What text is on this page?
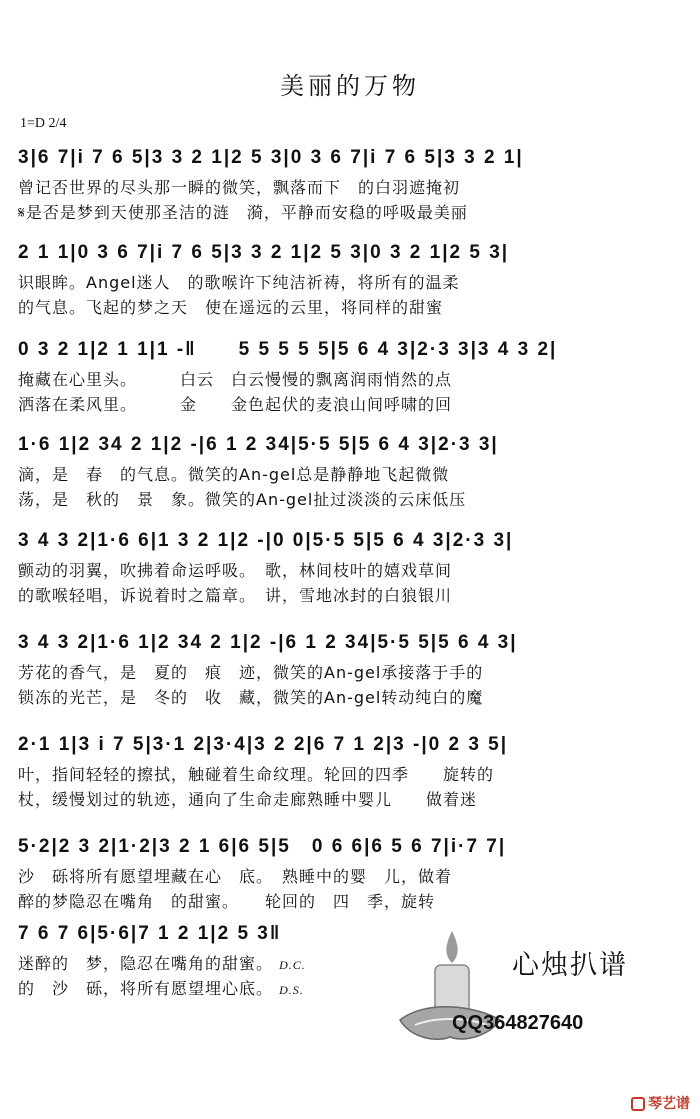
美丽的万物
1=D 2/4
3|6 7|i 7 6 5|3 3 2 1|2 5 3|0 3 6 7|i 7 6 5|3 3 2 1|
曾记否世界的尽头那一瞬的微笑，飘落而下　的白羽遮掩初
𝄋是否是梦到天使那圣洁的涟　漪，平静而安稳的呼吸最美丽
2 1 1|0 3 6 7|i 7 6 5|3 3 2 1|2 5 3|0 3 2 1|2 5 3|
识眼眸。Angel迷人　的歌喉许下纯洁祈祷，将所有的温柔
的气息。飞起的梦之天　使在遥远的云里，将同样的甜蜜
0 3 2 1|2 1 1|1 -‖　　5 5 5 5 5|5 6 4 3|2·3 3|3 4 3 2|
掩藏在心里头。　　　白云　白云慢慢的飘离润雨悄然的点
洒落在柔风里。　　　金　　金色起伏的麦浪山间呼啸的回
1·6 1|2 34 2 1|2 -|6 1 2 34|5·5 5|5 6 4 3|2·3 3|
滴，是　春　的气息。微笑的An-gel总是静静地飞起微微
荡，是　秋的　景　象。微笑的An-gel扯过淡淡的云床低压
3 4 3 2|1·6 6|1 3 2 1|2 -|0 0|5·5 5|5 6 4 3|2·3 3|
颤动的羽翼，吹拂着命运呼吸。　歌，林间枝叶的嬉戏草间
的歌喉轻唱，诉说着时之篇章。　讲，雪地冰封的白狼银川
3 4 3 2|1·6 1|2 34 2 1|2 -|6 1 2 34|5·5 5|5 6 4 3|
芳花的香气，是　夏的　痕　迹，微笑的An-gel承接落于手的
锁冻的光芒，是　冬的　收　藏，微笑的An-gel转动纯白的魔
2·1 1|3 i 7 5|3·1 2|3·4|3 2 2|6 7 1 2|3 -|0 2 3 5|
叶，指间轻轻的擦拭，触碰着生命纹理。轮回的四季　　旋转的
杖，缓慢划过的轨迹，通向了生命走廊熟睡中婴儿　　做着迷
5·2|2 3 2|1·2|3 2 1 6|6 5|5　0 6 6|6 5 6 7|i·7 7|
沙　砾将所有愿望埋藏在心　底。　熟睡中的婴　儿，做着
醉的梦隐忍在嘴角　的甜蜜。　　轮回的　四　季，旋转
7 6 7 6|5·6|7 1 2 1|2 5 3‖
迷醉的　梦，隐忍在嘴角的甜蜜。 D.C.
的　沙　砾，将所有愿望埋心底。 D.S.
心烛扒谱
QQ364827640
琴艺谱
